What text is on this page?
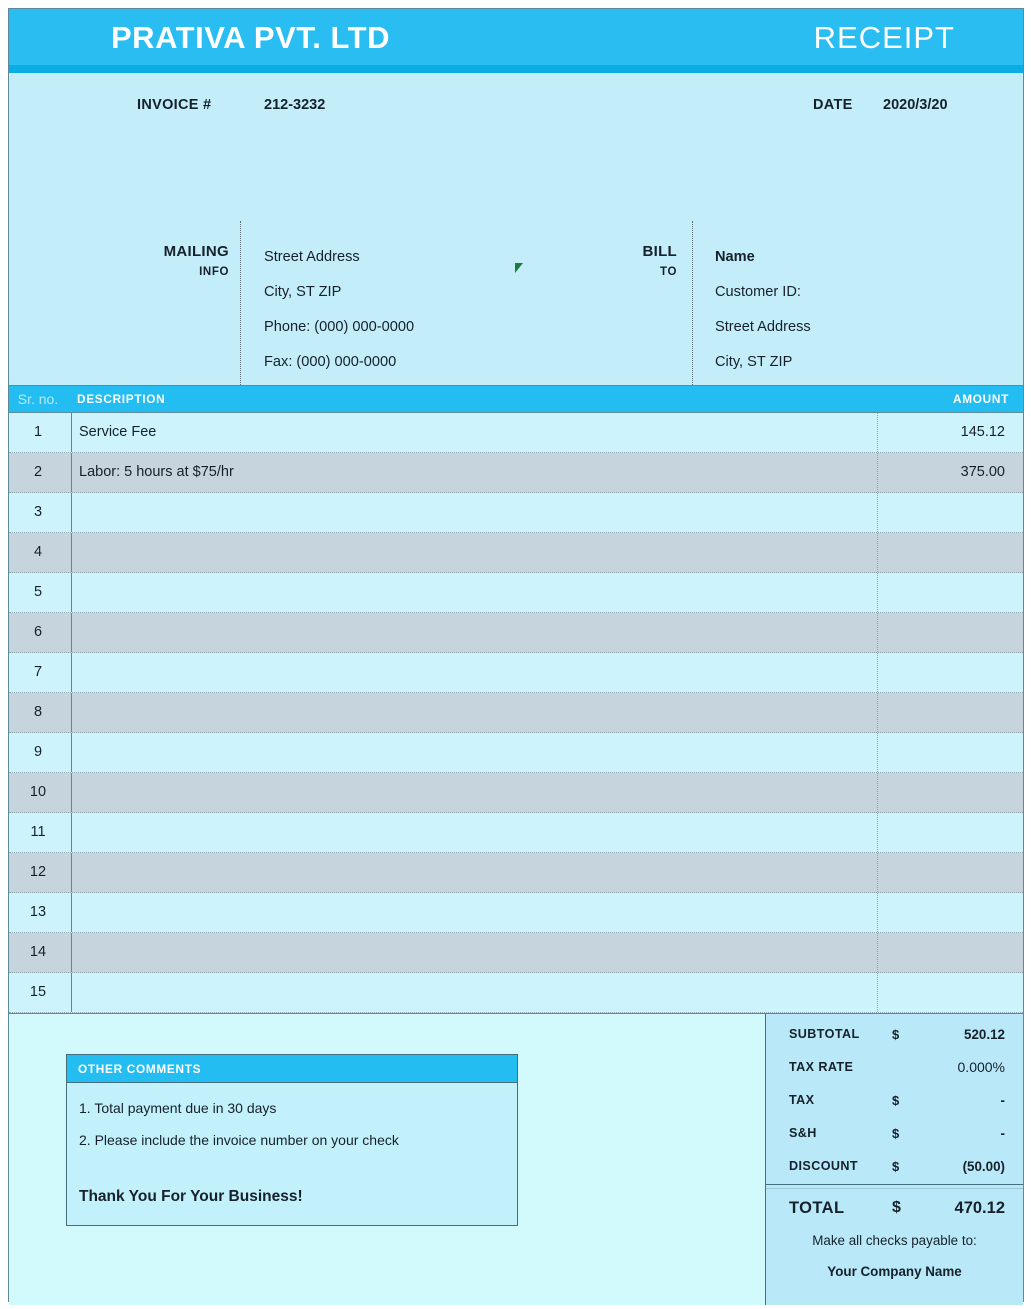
PRATIVA PVT. LTD	RECEIPT
INVOICE #	212-3232	DATE 2020/3/20
MAILING
INFO
Street Address
City, ST ZIP
Phone: (000) 000-0000
Fax: (000) 000-0000
BILL
TO
Name
Customer ID:
Street Address
City, ST ZIP
Sr. no.	DESCRIPTION	AMOUNT
1	Service Fee	145.12
2	Labor: 5 hours at $75/hr	375.00
3
4
5
6
7
8
9
10
11
12
13
14
15
OTHER COMMENTS
1. Total payment due in 30 days
2. Please include the invoice number on your check
Thank You For Your Business!
SUBTOTAL $	520.12
TAX RATE	0.000%
TAX	$	-
S&H	$	-
DISCOUNT	$	(50.00)
TOTAL	$	470.12
Make all checks payable to:
Your Company Name
